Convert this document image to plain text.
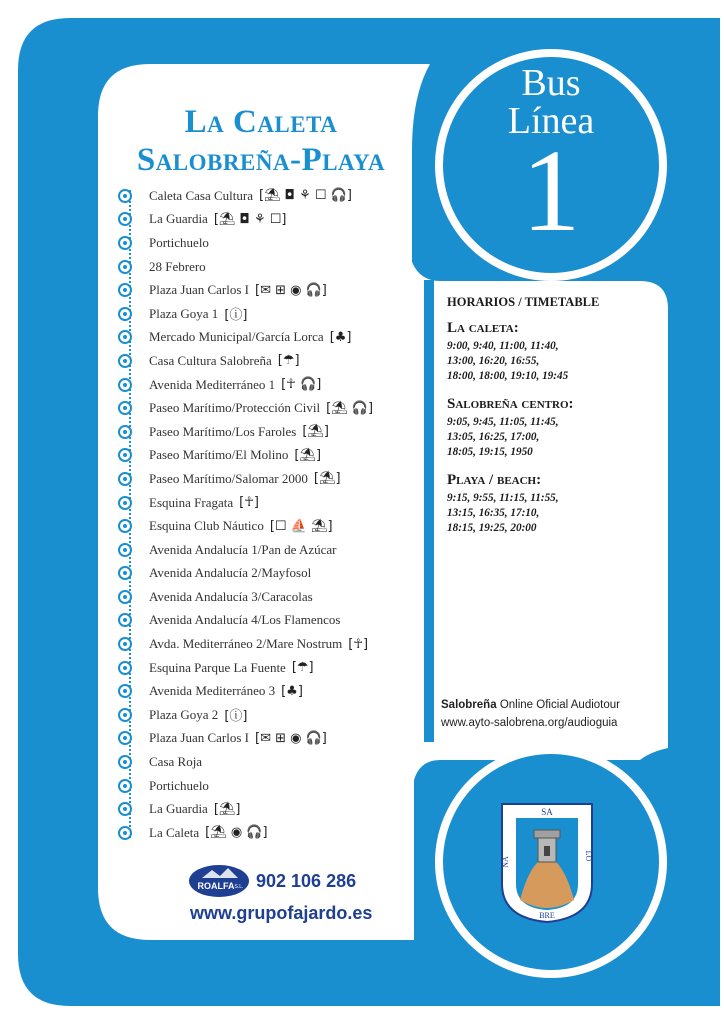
La Caleta
Salobreña-Playa
Bus
Línea
1
Caleta Casa Cultura [⛱ ◘ ⚘ ☐ 🎧]
La Guardia [⛱ ◘ ⚘ ☐]
Portichuelo
28 Febrero
Plaza Juan Carlos I [✉ ⊞ ◉ 🎧]
Plaza Goya 1 [ⓘ]
Mercado Municipal/García Lorca [♣]
Casa Cultura Salobreña [☂]
Avenida Mediterráneo 1 [☥ 🎧]
Paseo Marítimo/Protección Civil [⛱ 🎧]
Paseo Marítimo/Los Faroles [⛱]
Paseo Marítimo/El Molino [⛱]
Paseo Marítimo/Salomar 2000 [⛱]
Esquina Fragata [☥]
Esquina Club Náutico [☐ ⛵ ⛱]
Avenida Andalucía 1/Pan de Azúcar
Avenida Andalucía 2/Mayfosol
Avenida Andalucía 3/Caracolas
Avenida Andalucía 4/Los Flamencos
Avda. Mediterráneo 2/Mare Nostrum [☥]
Esquina Parque La Fuente [☂]
Avenida Mediterráneo 3 [♣]
Plaza Goya 2 [ⓘ]
Plaza Juan Carlos I [✉ ⊞ ◉ 🎧]
Casa Roja
Portichuelo
La Guardia [⛱]
La Caleta [⛱ ◉ 🎧]
HORARIOS / TIMETABLE
La caleta:
9:00, 9:40, 11:00, 11:40,
13:00, 16:20, 16:55,
18:00, 18:00, 19:10, 19:45
Salobreña centro:
9:05, 9:45, 11:05, 11:45,
13:05, 16:25, 17:00,
18:05, 19:15, 1950
Playa / beach:
9:15, 9:55, 11:15, 11:55,
13:15, 16:35, 17:10,
18:15, 19:25, 20:00
Salobreña Online Oficial Audiotour
www.ayto-salobrena.org/audioguia
ROALFA S.L. 902 106 286
www.grupofajardo.es
SA
LO
BRE
ÑA
